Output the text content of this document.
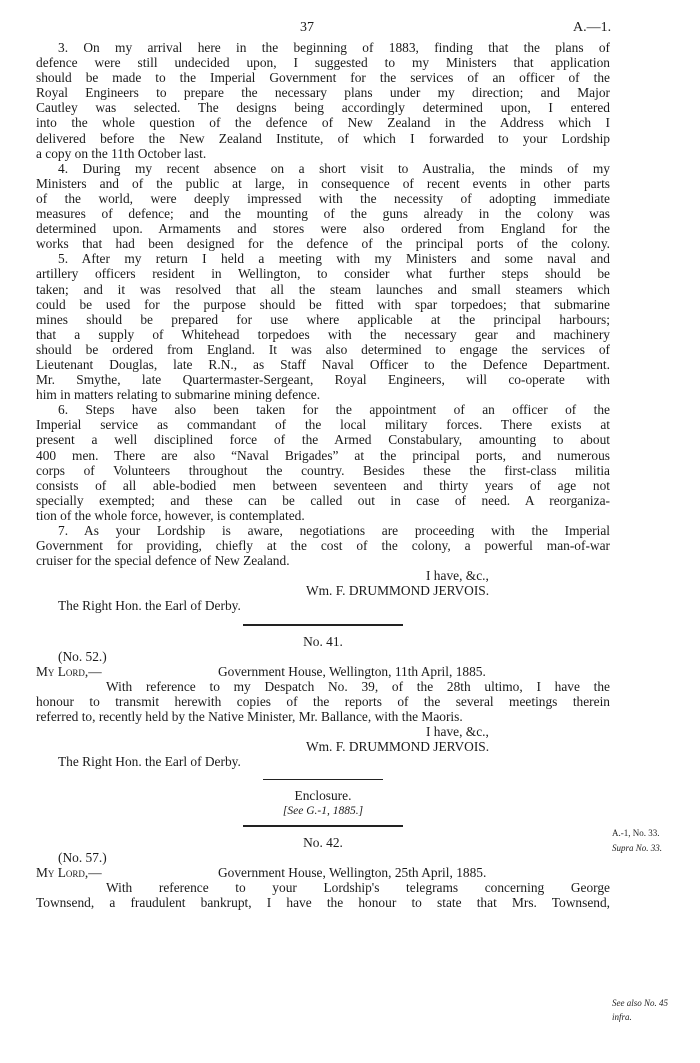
37	A.—1.
3. On my arrival here in the beginning of 1883, finding that the plans of
defence were still undecided upon, I suggested to my Ministers that application
should be made to the Imperial Government for the services of an officer of the
Royal Engineers to prepare the necessary plans under my direction; and Major
Cautley was selected. The designs being accordingly determined upon, I entered
into the whole question of the defence of New Zealand in the Address which I
delivered before the New Zealand Institute, of which I forwarded to your Lordship
a copy on the 11th October last.
4. During my recent absence on a short visit to Australia, the minds of my
Ministers and of the public at large, in consequence of recent events in other parts
of the world, were deeply impressed with the necessity of adopting immediate
measures of defence; and the mounting of the guns already in the colony was
determined upon. Armaments and stores were also ordered from England for the
works that had been designed for the defence of the principal ports of the colony.
5. After my return I held a meeting with my Ministers and some naval and
artillery officers resident in Wellington, to consider what further steps should be
taken; and it was resolved that all the steam launches and small steamers which
could be used for the purpose should be fitted with spar torpedoes; that submarine
mines should be prepared for use where applicable at the principal harbours;
that a supply of Whitehead torpedoes with the necessary gear and machinery
should be ordered from England. It was also determined to engage the services of
Lieutenant Douglas, late R.N., as Staff Naval Officer to the Defence Department.
Mr. Smythe, late Quartermaster-Sergeant, Royal Engineers, will co-operate with
him in matters relating to submarine mining defence.
6. Steps have also been taken for the appointment of an officer of the
Imperial service as commandant of the local military forces. There exists at
present a well disciplined force of the Armed Constabulary, amounting to about
400 men. There are also “Naval Brigades” at the principal ports, and numerous
corps of Volunteers throughout the country. Besides these the first-class militia
consists of all able-bodied men between seventeen and thirty years of age not
specially exempted; and these can be called out in case of need. A reorganiza-
tion of the whole force, however, is contemplated.
7. As your Lordship is aware, negotiations are proceeding with the Imperial
Government for providing, chiefly at the cost of the colony, a powerful man-of-war
cruiser for the special defence of New Zealand.
I have, &c.,
Wm. F. DRUMMOND JERVOIS.
The Right Hon. the Earl of Derby.
No. 41.
(No. 52.)
My Lord,—	Government House, Wellington, 11th April, 1885.
With reference to my Despatch No. 39, of the 28th ultimo, I have the
honour to transmit herewith copies of the reports of the several meetings therein
referred to, recently held by the Native Minister, Mr. Ballance, with the Maoris.
I have, &c.,
Wm. F. DRUMMOND JERVOIS.
The Right Hon. the Earl of Derby.
Enclosure.
[See G.-1, 1885.]
No. 42.
(No. 57.)
My Lord,—	Government House, Wellington, 25th April, 1885.
With reference to your Lordship's telegrams concerning George
Townsend, a fraudulent bankrupt, I have the honour to state that Mrs. Townsend,
A.-1, No. 33.
Supra No. 33.
See also No. 45
infra.
